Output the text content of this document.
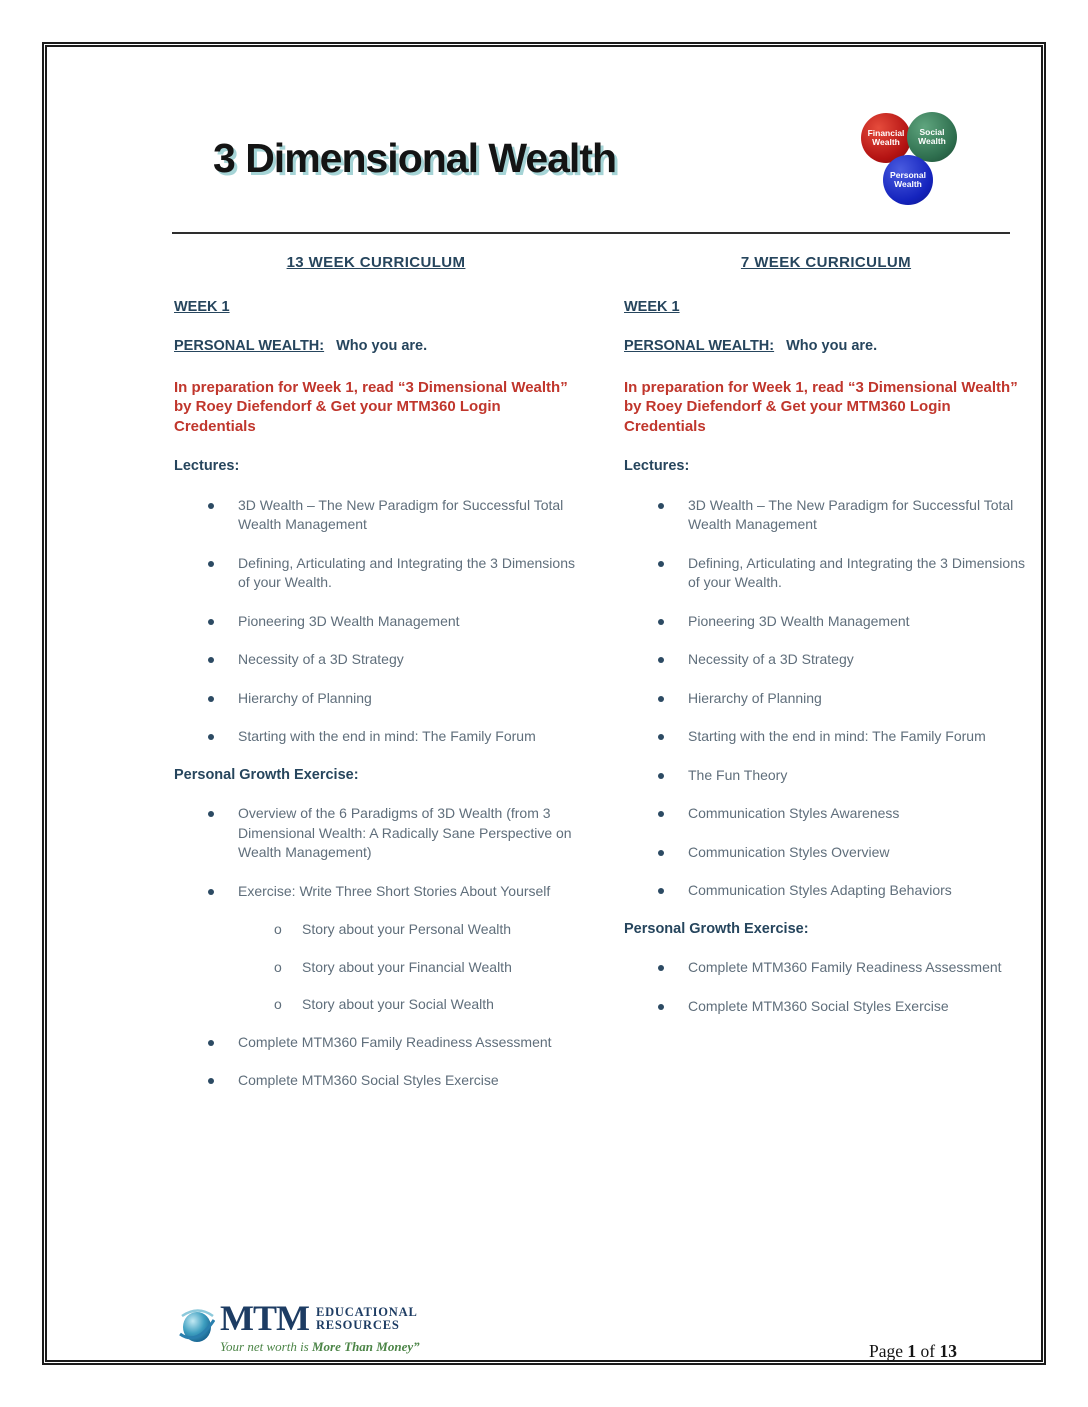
3 Dimensional Wealth
Financial Wealth
Social Wealth
Personal Wealth
13 WEEK CURRICULUM
WEEK 1

PERSONAL WEALTH: Who you are.

In preparation for Week 1, read “3 Dimensional Wealth”
by Roey Diefendorf & Get your MTM360 Login
Credentials
Lectures:
3D Wealth – The New Paradigm for Successful Total Wealth Management
Defining, Articulating and Integrating the 3 Dimensions of your Wealth.
Pioneering 3D Wealth Management
Necessity of a 3D Strategy
Hierarchy of Planning
Starting with the end in mind: The Family Forum
Personal Growth Exercise:
Overview of the 6 Paradigms of 3D Wealth (from 3 Dimensional Wealth: A Radically Sane Perspective on Wealth Management)
Exercise: Write Three Short Stories About Yourself
o Story about your Personal Wealth
o Story about your Financial Wealth
o Story about your Social Wealth
Complete MTM360 Family Readiness Assessment
Complete MTM360 Social Styles Exercise
7 WEEK CURRICULUM
WEEK 1

PERSONAL WEALTH: Who you are.

In preparation for Week 1, read “3 Dimensional Wealth”
by Roey Diefendorf & Get your MTM360 Login
Credentials
Lectures:
3D Wealth – The New Paradigm for Successful Total Wealth Management
Defining, Articulating and Integrating the 3 Dimensions of your Wealth.
Pioneering 3D Wealth Management
Necessity of a 3D Strategy
Hierarchy of Planning
Starting with the end in mind: The Family Forum
The Fun Theory
Communication Styles Awareness
Communication Styles Overview
Communication Styles Adapting Behaviors
Personal Growth Exercise:
Complete MTM360 Family Readiness Assessment
Complete MTM360 Social Styles Exercise
MTM EDUCATIONAL
RESOURCES
Your net worth is More Than Money”	Page 1 of 13
